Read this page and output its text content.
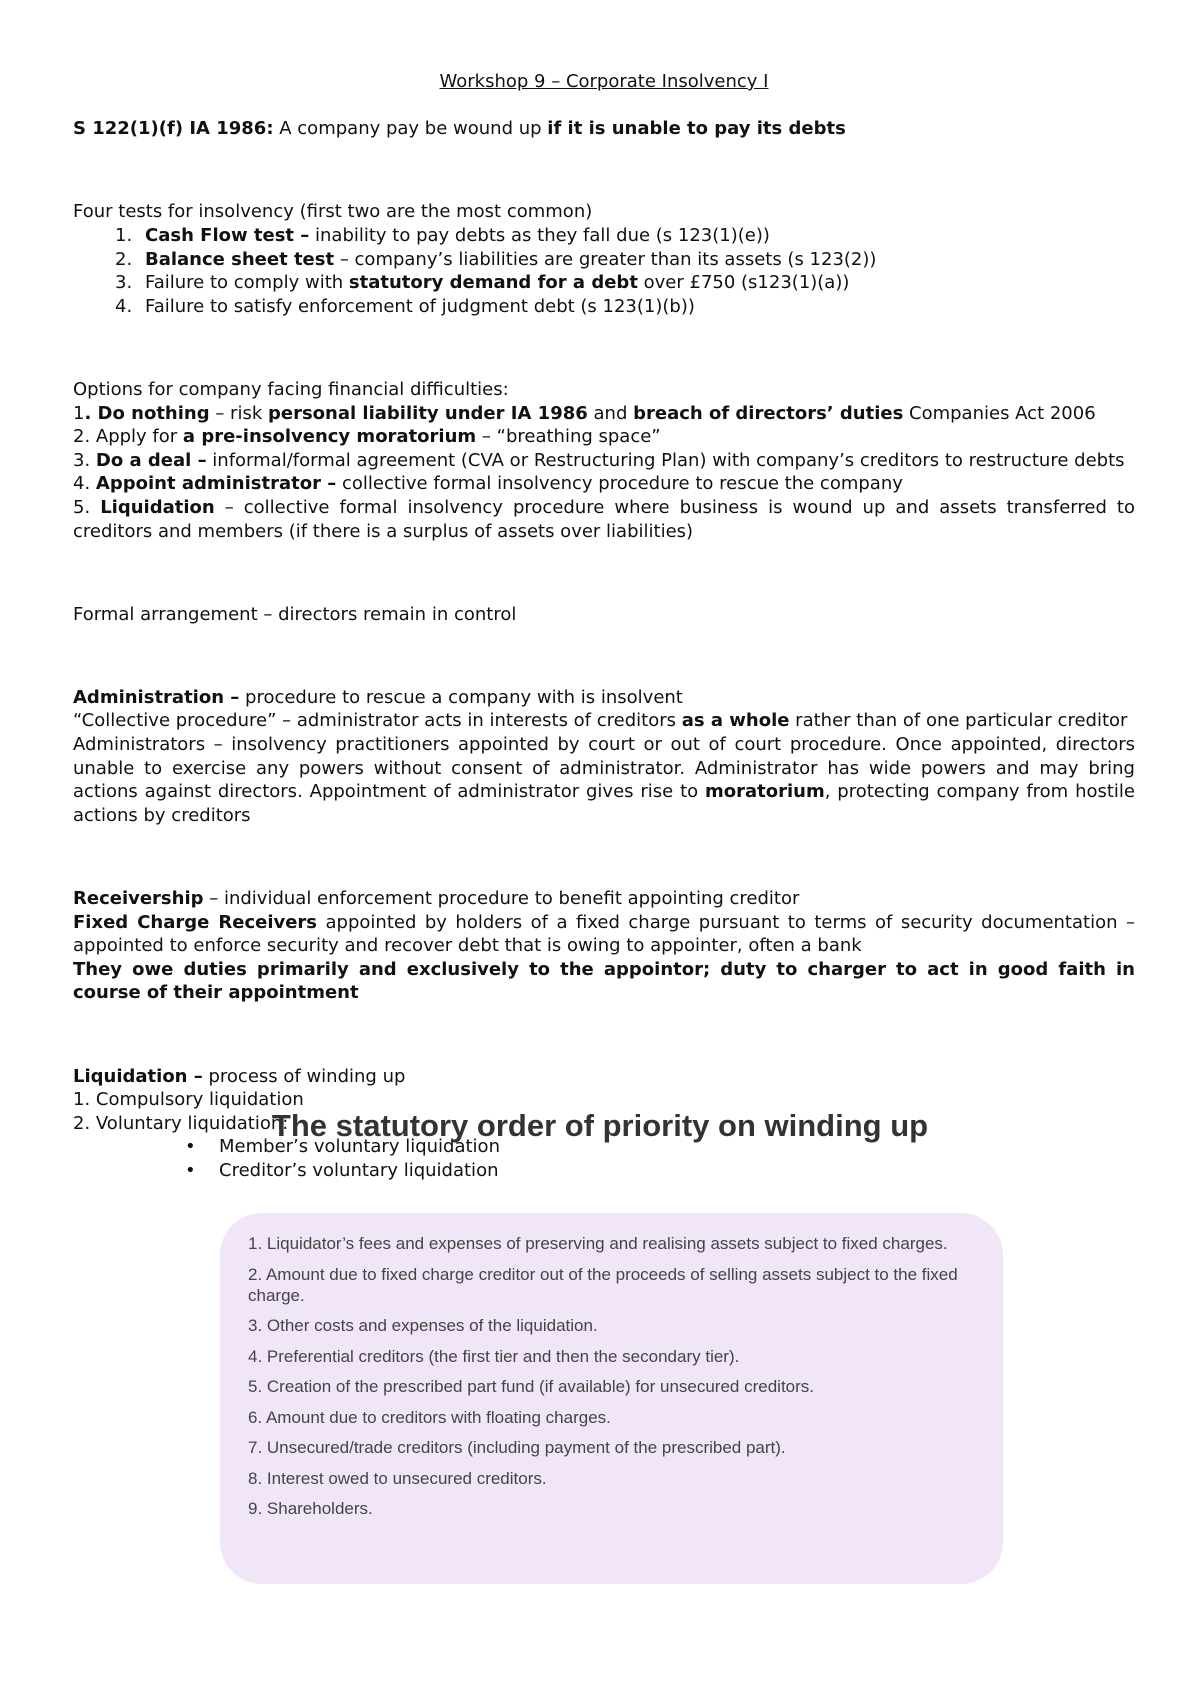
Workshop 9 – Corporate Insolvency I

S 122(1)(f) IA 1986: A company pay be wound up if it is unable to pay its debts

Four tests for insolvency (first two are the most common)

1. Cash Flow test – inability to pay debts as they fall due (s 123(1)(e))

2. Balance sheet test – company’s liabilities are greater than its assets (s 123(2))

3. Failure to comply with statutory demand for a debt over £750 (s123(1)(a))

4. Failure to satisfy enforcement of judgment debt (s 123(1)(b))

Options for company facing financial difficulties:

1. Do nothing – risk personal liability under IA 1986 and breach of directors’ duties Companies Act 2006

2. Apply for a pre-insolvency moratorium – “breathing space”

3. Do a deal – informal/formal agreement (CVA or Restructuring Plan) with company’s creditors to restructure debts

4. Appoint administrator – collective formal insolvency procedure to rescue the company

5. Liquidation – collective formal insolvency procedure where business is wound up and assets transferred to creditors and members (if there is a surplus of assets over liabilities)

Formal arrangement – directors remain in control

Administration – procedure to rescue a company with is insolvent

“Collective procedure” – administrator acts in interests of creditors as a whole rather than of one particular creditor

Administrators – insolvency practitioners appointed by court or out of court procedure. Once appointed, directors unable to exercise any powers without consent of administrator. Administrator has wide powers and may bring actions against directors. Appointment of administrator gives rise to moratorium, protecting company from hostile actions by creditors

Receivership – individual enforcement procedure to benefit appointing creditor

Fixed Charge Receivers appointed by holders of a fixed charge pursuant to terms of security documentation – appointed to enforce security and recover debt that is owing to appointer, often a bank

They owe duties primarily and exclusively to the appointor; duty to charger to act in good faith in course of their appointment

Liquidation – process of winding up

1. Compulsory liquidation

2. Voluntary liquidation:

• Member’s voluntary liquidation

• Creditor’s voluntary liquidation

The statutory order of priority on winding up
1. Liquidator’s fees and expenses of preserving and realising assets subject to fixed charges.
2. Amount due to fixed charge creditor out of the proceeds of selling assets subject to the fixed charge.
3. Other costs and expenses of the liquidation.
4. Preferential creditors (the first tier and then the secondary tier).
5. Creation of the prescribed part fund (if available) for unsecured creditors.
6. Amount due to creditors with floating charges.
7. Unsecured/trade creditors (including payment of the prescribed part).
8. Interest owed to unsecured creditors.
9. Shareholders.
